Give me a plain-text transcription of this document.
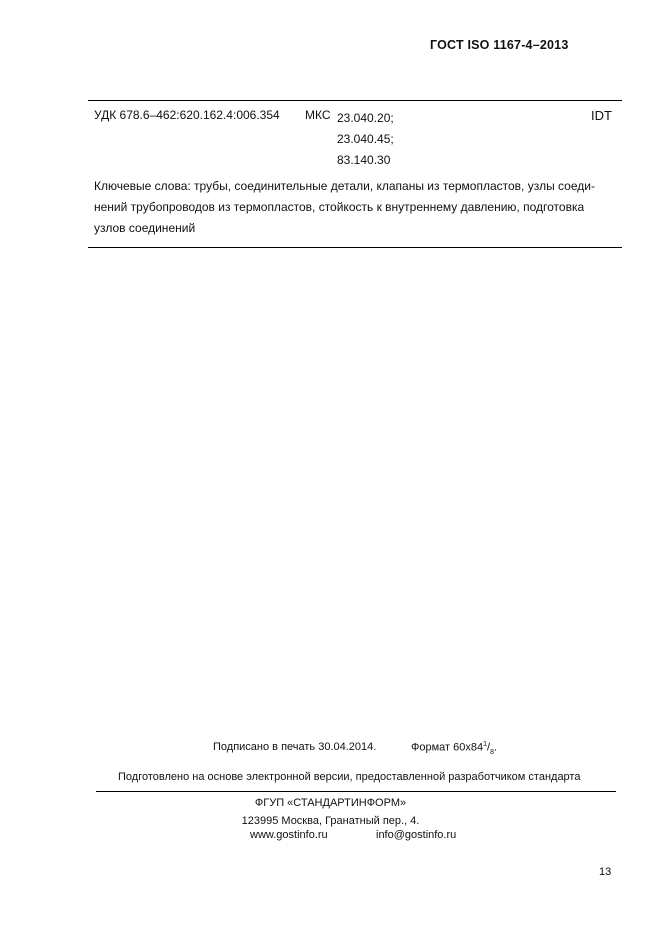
ГОСТ ISO 1167-4–2013
УДК 678.6–462:620.162.4:006.354 МКС 23.040.20;
23.040.45;
83.140.30
IDT
Ключевые слова: трубы, соединительные детали, клапаны из термопластов, узлы соеди-
нений трубопроводов из термопластов, стойкость к внутреннему давлению, подготовка
узлов соединений
Подписано в печать 30.04.2014.	Формат $60x84^1/_8$.
Подготовлено на основе электронной версии, предоставленной разработчиком стандарта
ФГУП «СТАНДАРТИНФОРМ»
123995 Москва, Гранатный пер., 4.
www.gostinfo.ru	info@gostinfo.ru
13
